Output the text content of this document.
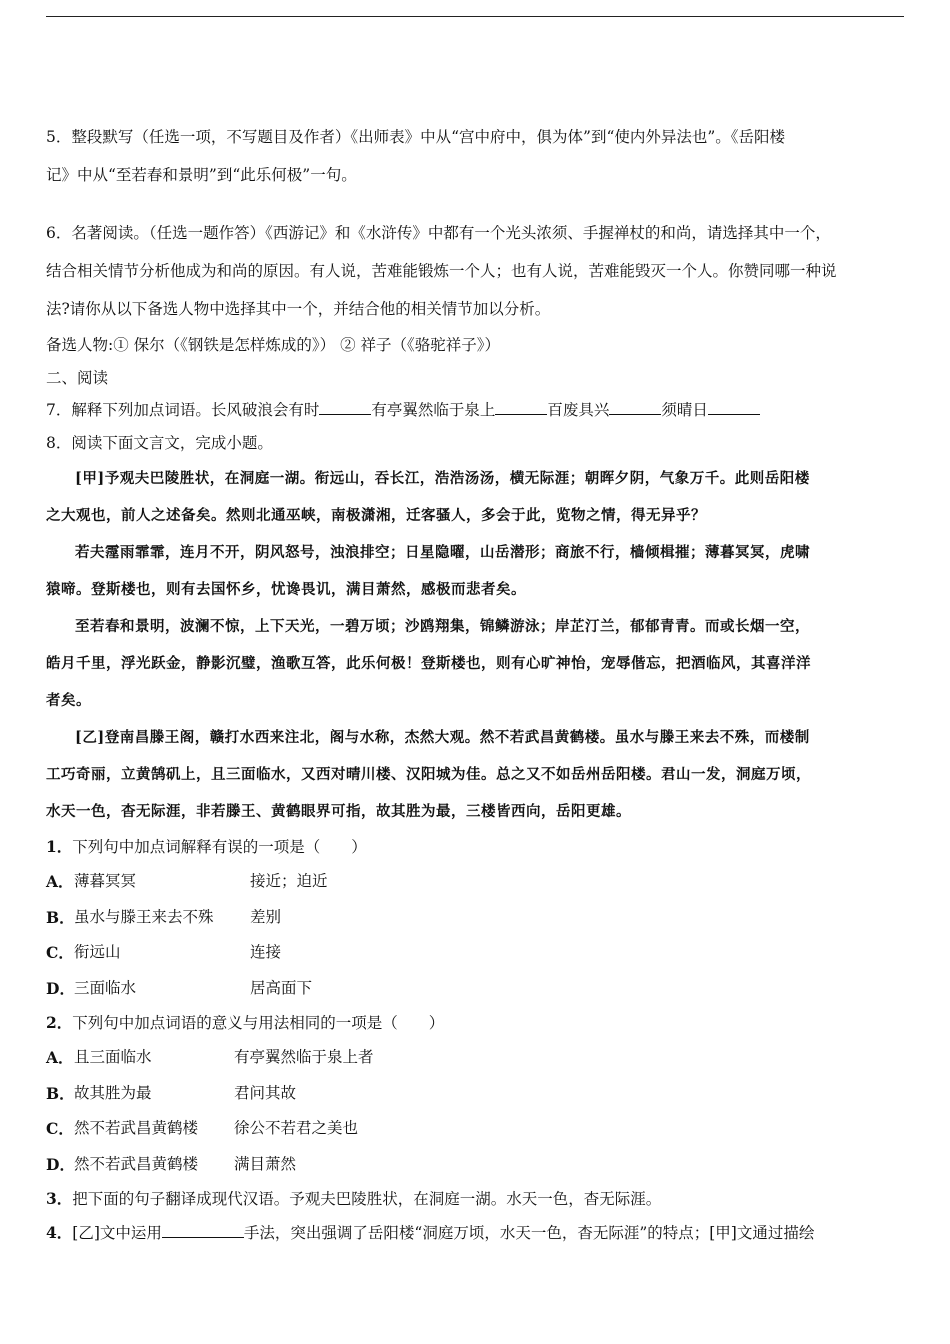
5．整段默写（任选一项，不写题目及作者）《出师表》中从“宫中府中，俱为体”到“使内外异法也”。《岳阳楼

记》中从“至若春和景明”到“此乐何极”一句。

6．名著阅读。（任选一题作答）《西游记》和《水浒传》中都有一个光头浓须、手握禅杖的和尚，请选择其中一个，

结合相关情节分析他成为和尚的原因。有人说，苦难能锻炼一个人；也有人说，苦难能毁灭一个人。你赞同哪一种说

法?请你从以下备选人物中选择其中一个，并结合他的相关情节加以分析。

备选人物:① 保尔（《钢铁是怎样炼成的》） ② 祥子（《骆驼祥子》）

二、阅读

7．解释下列加点词语。长风破浪会有时	有亭翼然临于泉上	百废具兴	须晴日

8．阅读下面文言文，完成小题。

[甲]予观夫巴陵胜状，在洞庭一湖。衔远山，吞长江，浩浩汤汤，横无际涯；朝晖夕阴，气象万千。此则岳阳楼

之大观也，前人之述备矣。然则北通巫峡，南极潇湘，迁客骚人，多会于此，览物之情，得无异乎？

若夫霪雨霏霏，连月不开，阴风怒号，浊浪排空；日星隐曜，山岳潜形；商旅不行，樯倾楫摧；薄暮冥冥，虎啸

猿啼。登斯楼也，则有去国怀乡，忧谗畏讥，满目萧然，感极而悲者矣。

至若春和景明，波澜不惊，上下天光，一碧万顷；沙鸥翔集，锦鳞游泳；岸芷汀兰，郁郁青青。而或长烟一空，

皓月千里，浮光跃金，静影沉璧，渔歌互答，此乐何极！登斯楼也，则有心旷神怡，宠辱偕忘，把酒临风，其喜洋洋

者矣。

[乙]登南昌滕王阁，赣打水西来注北，阁与水称，杰然大观。然不若武昌黄鹤楼。虽水与滕王来去不殊，而楼制

工巧奇丽，立黄鹄矶上，且三面临水，又西对晴川楼、汉阳城为佳。总之又不如岳州岳阳楼。君山一发，洞庭万顷，

水天一色，杳无际涯，非若滕王、黄鹤眼界可指，故其胜为最，三楼皆西向，岳阳更雄。

1．下列句中加点词解释有误的一项是（　　）

A． 薄暮冥冥	接近；迫近
B． 虽水与滕王来去不殊	差别
C． 衔远山	连接
D． 三面临水	居高面下

2．下列句中加点词语的意义与用法相同的一项是（　　）

A． 且三面临水	有亭翼然临于泉上者
B． 故其胜为最	君问其故
C． 然不若武昌黄鹤楼	徐公不若君之美也
D． 然不若武昌黄鹤楼	满目萧然

3．把下面的句子翻译成现代汉语。予观夫巴陵胜状，在洞庭一湖。水天一色，杳无际涯。

4．[乙]文中运用	手法，突出强调了岳阳楼“洞庭万顷，水天一色，杳无际涯”的特点；[甲]文通过描绘
